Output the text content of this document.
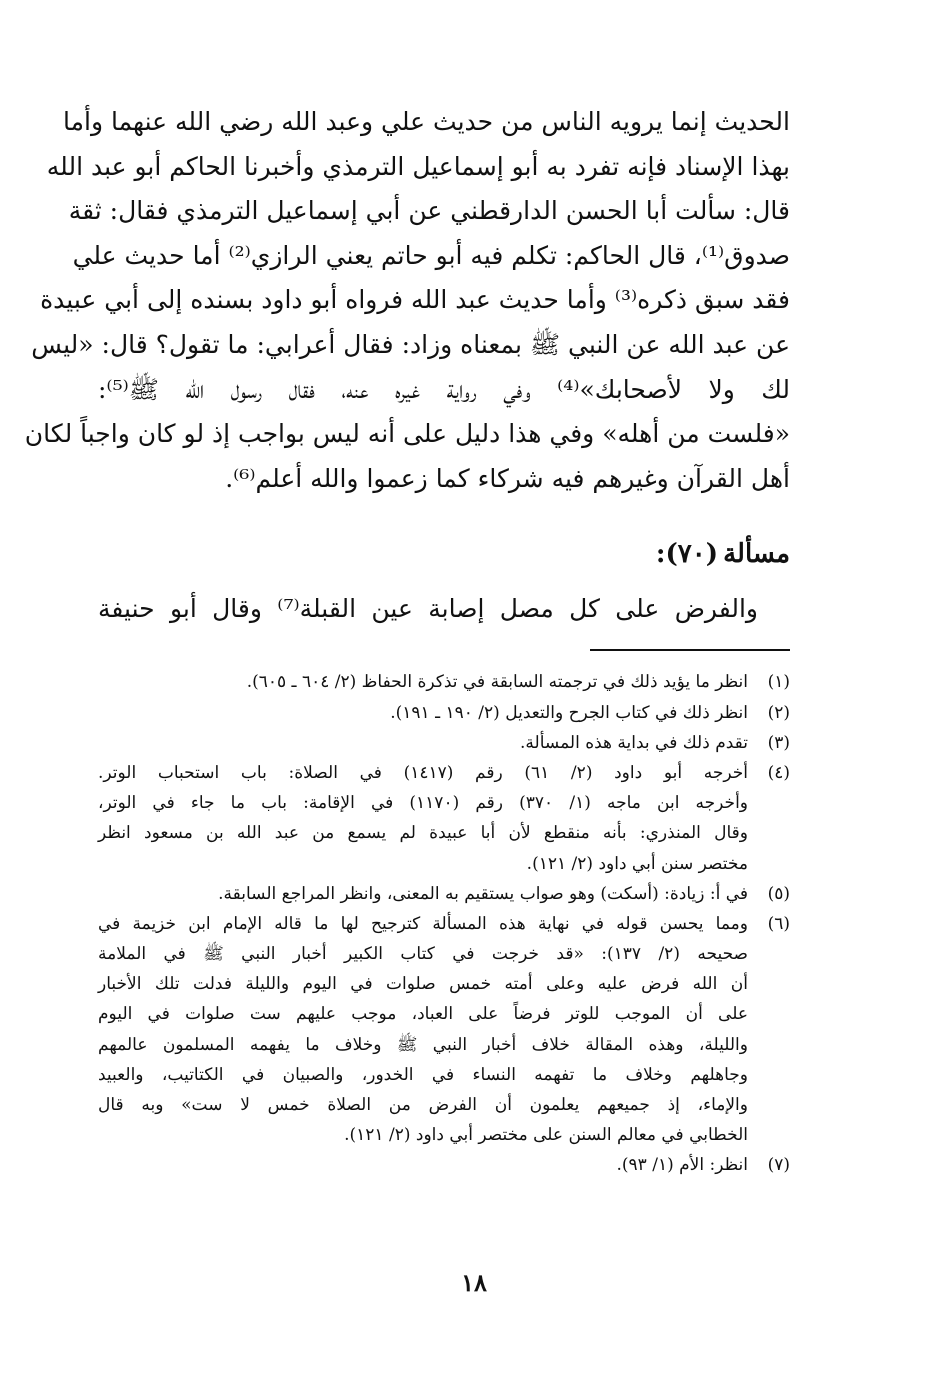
الحديث إنما يرويه الناس من حديث علي وعبد الله رضي الله عنهما وأما
بهذا الإسناد فإنه تفرد به أبو إسماعيل الترمذي وأخبرنا الحاكم أبو عبد الله
قال: سألت أبا الحسن الدارقطني عن أبي إسماعيل الترمذي فقال: ثقة
صدوق⁽¹⁾، قال الحاكم: تكلم فيه أبو حاتم يعني الرازي⁽²⁾ أما حديث علي
فقد سبق ذكره⁽³⁾ وأما حديث عبد الله فرواه أبو داود بسنده إلى أبي عبيدة
عن عبد الله عن النبي ﷺ بمعناه وزاد: فقال أعرابي: ما تقول؟ قال: «ليس
لك ولا لأصحابك»⁽⁴⁾ وفي رواية غيره عنه، فقال رسول الله ﷺ⁽⁵⁾:
«فلست من أهله» وفي هذا دليل على أنه ليس بواجب إذ لو كان واجباً لكان
أهل القرآن وغيرهم فيه شركاء كما زعموا والله أعلم⁽⁶⁾.
مسألة (٧٠):
والفرض على كل مصل إصابة عين القبلة⁽⁷⁾ وقال أبو حنيفة
(١)
انظر ما يؤيد ذلك في ترجمته السابقة في تذكرة الحفاظ (٢/ ٦٠٤ ـ ٦٠٥).
(٢)
انظر ذلك في كتاب الجرح والتعديل (٢/ ١٩٠ ـ ١٩١).
(٣)
تقدم ذلك في بداية هذه المسألة.
(٤)
أخرجه أبو داود (٢/ ٦١) رقم (١٤١٧) في الصلاة: باب استحباب الوتر.
وأخرجه ابن ماجه (١/ ٣٧٠) رقم (١١٧٠) في الإقامة: باب ما جاء في الوتر،
وقال المنذري: بأنه منقطع لأن أبا عبيدة لم يسمع من عبد الله بن مسعود انظر
مختصر سنن أبي داود (٢/ ١٢١).
(٥)
في أ: زيادة: (أسكت) وهو صواب يستقيم به المعنى، وانظر المراجع السابقة.
(٦)
ومما يحسن قوله في نهاية هذه المسألة كترجيح لها ما قاله الإمام ابن خزيمة في
صحيحه (٢/ ١٣٧): «قد خرجت في كتاب الكبير أخبار النبي ﷺ في الملامة
أن الله فرض عليه وعلى أمته خمس صلوات في اليوم والليلة فدلت تلك الأخبار
على أن الموجب للوتر فرضاً على العباد، موجب عليهم ست صلوات في اليوم
والليلة، وهذه المقالة خلاف أخبار النبي ﷺ وخلاف ما يفهمه المسلمون عالمهم
وجاهلهم وخلاف ما تفهمه النساء في الخدور، والصبيان في الكتاتيب، والعبيد
والإماء، إذ جميعهم يعلمون أن الفرض من الصلاة خمس لا ست» وبه قال
الخطابي في معالم السنن على مختصر أبي داود (٢/ ١٢١).
(٧)
انظر: الأم (١/ ٩٣).
١٨
